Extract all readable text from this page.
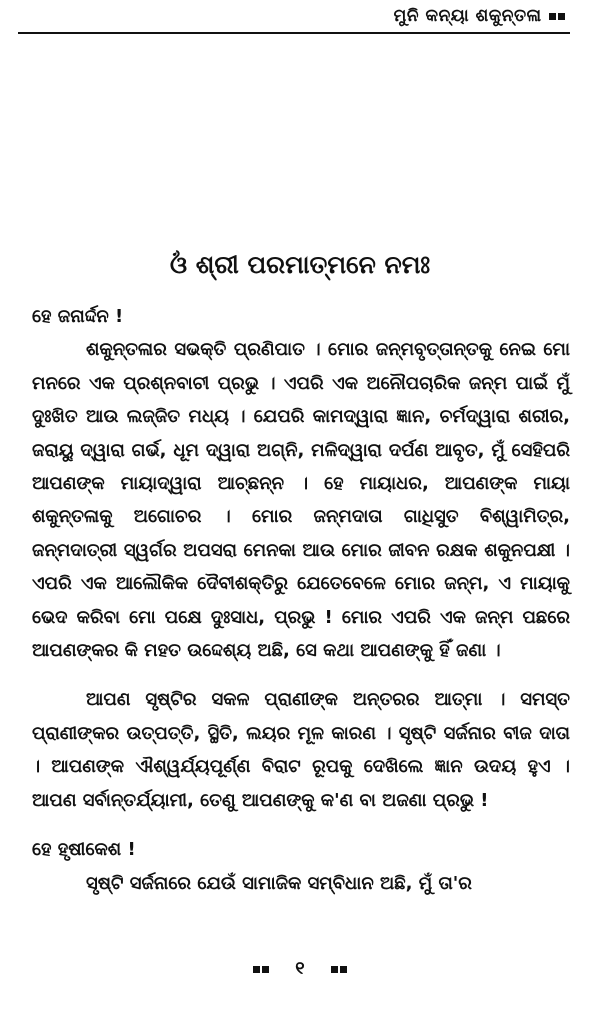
ମୁନି କନ୍ୟା ଶକୁନ୍ତଳା
ଓଁ ଶ୍ରୀ ପରମାତ୍ମନେ ନମଃ

ହେ ଜନାର୍ଦ୍ଦନ !

ଶକୁନ୍ତଳାର ସଭକ୍ତି ପ୍ରଣିପାତ । ମୋର ଜନ୍ମବୃତ୍ତାନ୍ତକୁ ନେଇ ମୋ ମନରେ ଏକ ପ୍ରଶ୍ନବାଚୀ ପ୍ରଭୁ । ଏପରି ଏକ ଅନୌପଚାରିକ ଜନ୍ମ ପାଇଁ ମୁଁ ଦୁଃଖିତ ଆଉ ଲଜ୍ଜିତ ମଧ୍ୟ । ଯେପରି କାମଦ୍ୱାରା ଜ୍ଞାନ, ଚର୍ମଦ୍ୱାରା ଶରୀର, ଜରାୟୁ ଦ୍ୱାରା ଗର୍ଭ, ଧୂମ ଦ୍ୱାରା ଅଗ୍ନି, ମଳିଦ୍ୱାରା ଦର୍ପଣ ଆବୃତ, ମୁଁ ସେହିପରି ଆପଣଙ୍କ ମାୟାଦ୍ୱାରା ଆଚ୍ଛନ୍ନ । ହେ ମାୟାଧର, ଆପଣଙ୍କ ମାୟା ଶକୁନ୍ତଳାକୁ ଅଗୋଚର । ମୋର ଜନ୍ମଦାତା ଗାଧିସୁତ ବିଶ୍ୱାମିତ୍ର, ଜନ୍ମଦାତ୍ରୀ ସ୍ୱର୍ଗର ଅପସରା ମେନକା ଆଉ ମୋର ଜୀବନ ରକ୍ଷକ ଶକୁନପକ୍ଷୀ । ଏପରି ଏକ ଆଲୌକିକ ଦୈବୀଶକ୍ତିରୁ ଯେତେବେଳେ ମୋର ଜନ୍ମ, ଏ ମାୟାକୁ ଭେଦ କରିବା ମୋ ପକ୍ଷେ ଦୁଃସାଧ, ପ୍ରଭୁ ! ମୋର ଏପରି ଏକ ଜନ୍ମ ପଛରେ ଆପଣଙ୍କର କି ମହତ ଉଦ୍ଦେଶ୍ୟ ଅଛି, ସେ କଥା ଆପଣଙ୍କୁ ହିଁ ଜଣା ।

ଆପଣ ସୃଷ୍ଟିର ସକଳ ପ୍ରାଣୀଙ୍କ ଅନ୍ତରର ଆତ୍ମା । ସମସ୍ତ ପ୍ରାଣୀଙ୍କର ଉତ୍ପତ୍ତି, ସ୍ଥିତି, ଲୟର ମୂଳ କାରଣ । ସୃଷ୍ଟି ସର୍ଜନାର ବୀଜ ଦାତା । ଆପଣଙ୍କ ଐଶ୍ୱର୍ଯ୍ୟପୂର୍ଣ୍ଣ ବିରାଟ ରୂପକୁ ଦେଖିଲେ ଜ୍ଞାନ ଉଦୟ ହୁଏ । ଆପଣ ସର୍ବାନ୍ତର୍ଯ୍ୟାମୀ, ତେଣୁ ଆପଣଙ୍କୁ କ'ଣ ବା ଅଜଣା ପ୍ରଭୁ !

ହେ ହୃଷୀକେଶ !

ସୃଷ୍ଟି ସର୍ଜନାରେ ଯେଉଁ ସାମାଜିକ ସମ୍ବିଧାନ ଅଛି, ମୁଁ ତା'ର

୧
